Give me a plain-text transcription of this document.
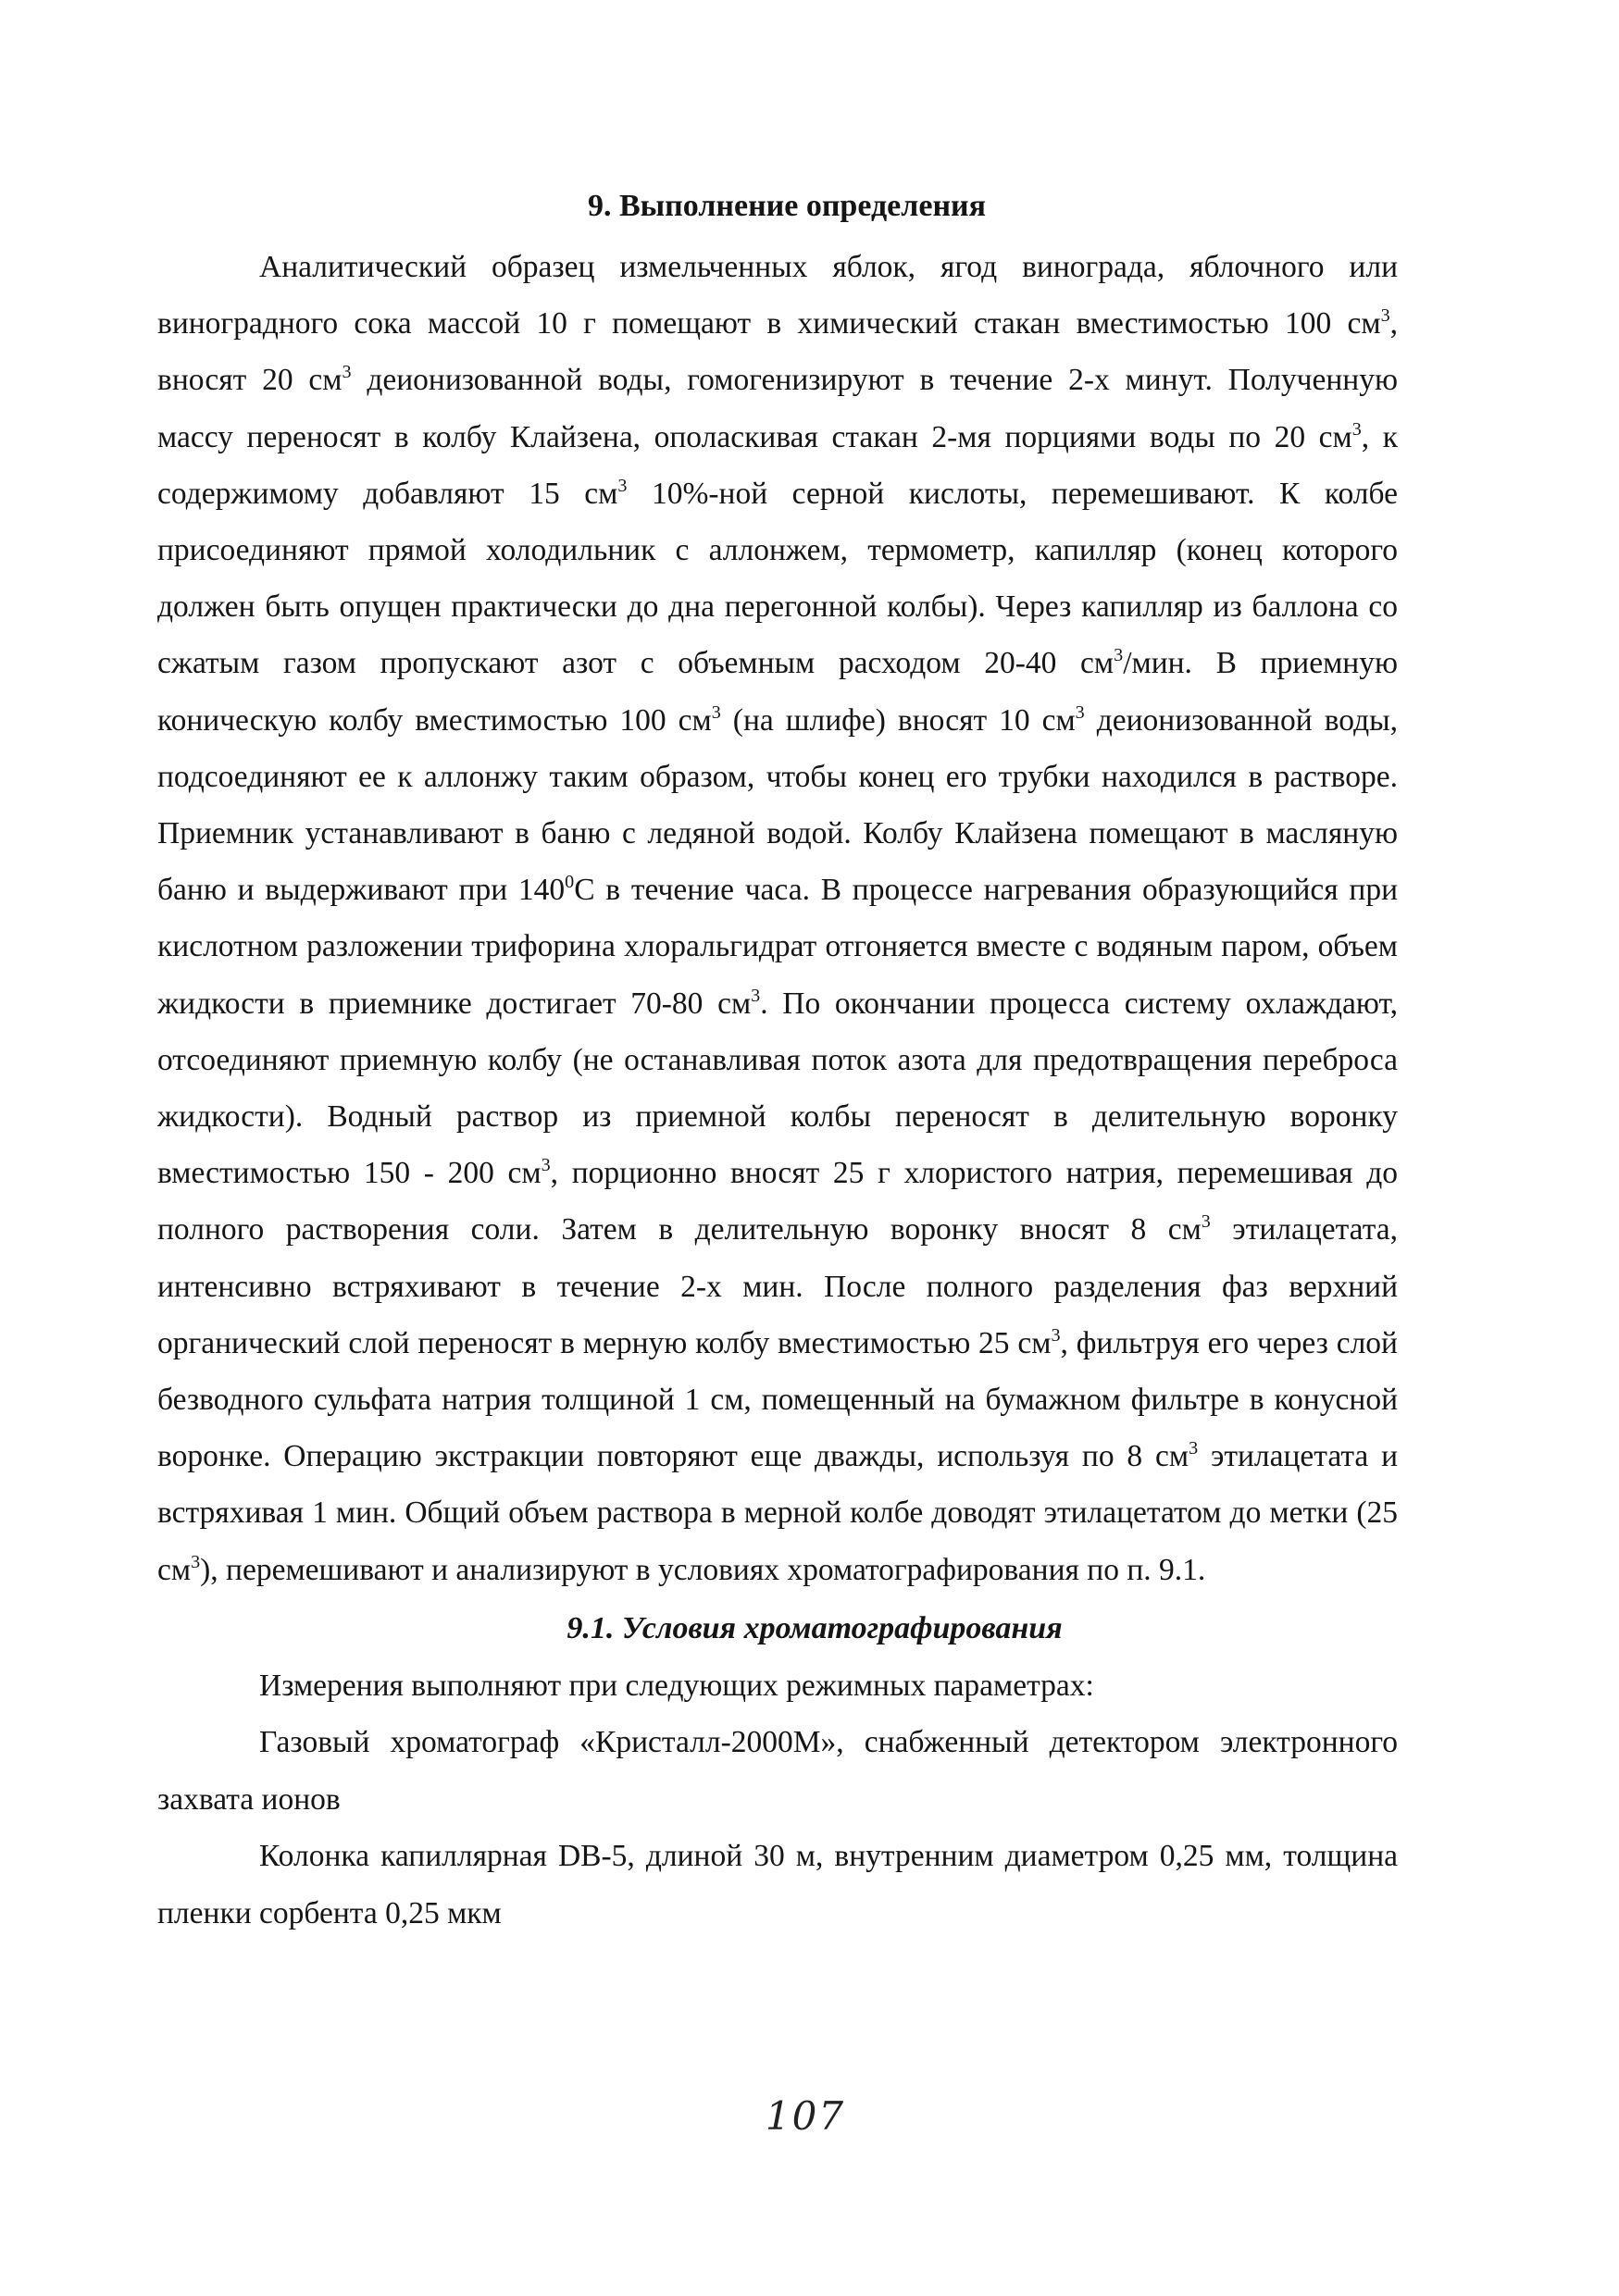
9. Выполнение определения

Аналитический образец измельченных яблок, ягод винограда, яблочного или виноградного сока массой 10 г помещают в химический стакан вместимостью 100 $см^3$, вносят 20 $см^3$ деионизованной воды, гомогенизируют в течение 2-х минут. Полученную массу переносят в колбу Клайзена, ополаскивая стакан 2-мя порциями воды по 20 $см^3$, к содержимому добавляют 15 $см^3$ 10%-ной серной кислоты, перемешивают. К колбе присоединяют прямой холодильник с аллонжем, термометр, капилляр (конец которого должен быть опущен практически до дна перегонной колбы). Через капилляр из баллона со сжатым газом пропускают азот с объемным расходом 20-40 $см^3$/мин. В приемную коническую колбу вместимостью 100 $см^3$ (на шлифе) вносят 10 $см^3$ деионизованной воды, подсоединяют ее к аллонжу таким образом, чтобы конец его трубки находился в растворе. Приемник устанавливают в баню с ледяной водой. Колбу Клайзена помещают в масляную баню и выдерживают при $140^0С$ в течение часа. В процессе нагревания образующийся при кислотном разложении трифорина хлоральгидрат отгоняется вместе с водяным паром, объем жидкости в приемнике достигает 70-80 $см^3$. По окончании процесса систему охлаждают, отсоединяют приемную колбу (не останавливая поток азота для предотвращения переброса жидкости). Водный раствор из приемной колбы переносят в делительную воронку вместимостью 150 - 200 $см^3$, порционно вносят 25 г хлористого натрия, перемешивая до полного растворения соли. Затем в делительную воронку вносят 8 $см^3$ этилацетата, интенсивно встряхивают в течение 2-х мин. После полного разделения фаз верхний органический слой переносят в мерную колбу вместимостью 25 $см^3$, фильтруя его через слой безводного сульфата натрия толщиной 1 см, помещенный на бумажном фильтре в конусной воронке. Операцию экстракции повторяют еще дважды, используя по 8 $см^3$ этилацетата и встряхивая 1 мин. Общий объем раствора в мерной колбе доводят этилацетатом до метки (25 $см^3$), перемешивают и анализируют в условиях хроматографирования по п. 9.1.

9.1. Условия хроматографирования

Измерения выполняют при следующих режимных параметрах:

Газовый хроматограф «Кристалл-2000М», снабженный детектором электронного захвата ионов

Колонка капиллярная DB-5, длиной 30 м, внутренним диаметром 0,25 мм, толщина пленки сорбента 0,25 мкм

107
